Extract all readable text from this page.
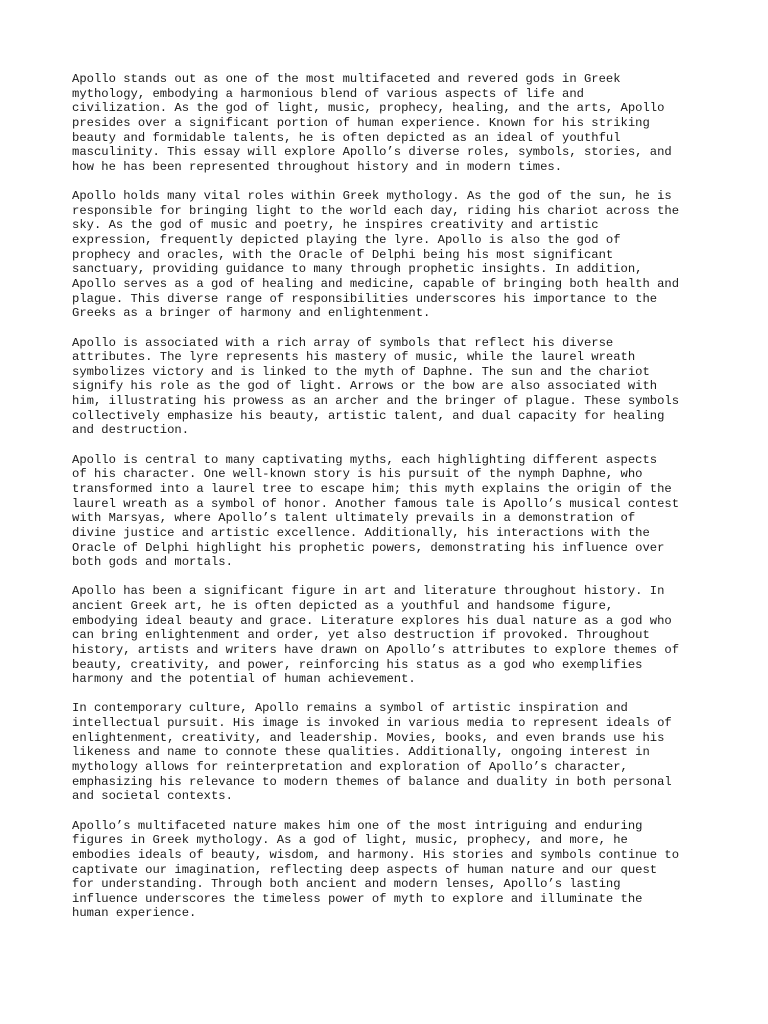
Apollo stands out as one of the most multifaceted and revered gods in Greek
mythology, embodying a harmonious blend of various aspects of life and
civilization. As the god of light, music, prophecy, healing, and the arts, Apollo
presides over a significant portion of human experience. Known for his striking
beauty and formidable talents, he is often depicted as an ideal of youthful
masculinity. This essay will explore Apollo’s diverse roles, symbols, stories, and
how he has been represented throughout history and in modern times.

Apollo holds many vital roles within Greek mythology. As the god of the sun, he is
responsible for bringing light to the world each day, riding his chariot across the
sky. As the god of music and poetry, he inspires creativity and artistic
expression, frequently depicted playing the lyre. Apollo is also the god of
prophecy and oracles, with the Oracle of Delphi being his most significant
sanctuary, providing guidance to many through prophetic insights. In addition,
Apollo serves as a god of healing and medicine, capable of bringing both health and
plague. This diverse range of responsibilities underscores his importance to the
Greeks as a bringer of harmony and enlightenment.

Apollo is associated with a rich array of symbols that reflect his diverse
attributes. The lyre represents his mastery of music, while the laurel wreath
symbolizes victory and is linked to the myth of Daphne. The sun and the chariot
signify his role as the god of light. Arrows or the bow are also associated with
him, illustrating his prowess as an archer and the bringer of plague. These symbols
collectively emphasize his beauty, artistic talent, and dual capacity for healing
and destruction.

Apollo is central to many captivating myths, each highlighting different aspects
of his character. One well-known story is his pursuit of the nymph Daphne, who
transformed into a laurel tree to escape him; this myth explains the origin of the
laurel wreath as a symbol of honor. Another famous tale is Apollo’s musical contest
with Marsyas, where Apollo’s talent ultimately prevails in a demonstration of
divine justice and artistic excellence. Additionally, his interactions with the
Oracle of Delphi highlight his prophetic powers, demonstrating his influence over
both gods and mortals.

Apollo has been a significant figure in art and literature throughout history. In
ancient Greek art, he is often depicted as a youthful and handsome figure,
embodying ideal beauty and grace. Literature explores his dual nature as a god who
can bring enlightenment and order, yet also destruction if provoked. Throughout
history, artists and writers have drawn on Apollo’s attributes to explore themes of
beauty, creativity, and power, reinforcing his status as a god who exemplifies
harmony and the potential of human achievement.

In contemporary culture, Apollo remains a symbol of artistic inspiration and
intellectual pursuit. His image is invoked in various media to represent ideals of
enlightenment, creativity, and leadership. Movies, books, and even brands use his
likeness and name to connote these qualities. Additionally, ongoing interest in
mythology allows for reinterpretation and exploration of Apollo’s character,
emphasizing his relevance to modern themes of balance and duality in both personal
and societal contexts.

Apollo’s multifaceted nature makes him one of the most intriguing and enduring
figures in Greek mythology. As a god of light, music, prophecy, and more, he
embodies ideals of beauty, wisdom, and harmony. His stories and symbols continue to
captivate our imagination, reflecting deep aspects of human nature and our quest
for understanding. Through both ancient and modern lenses, Apollo’s lasting
influence underscores the timeless power of myth to explore and illuminate the
human experience.
